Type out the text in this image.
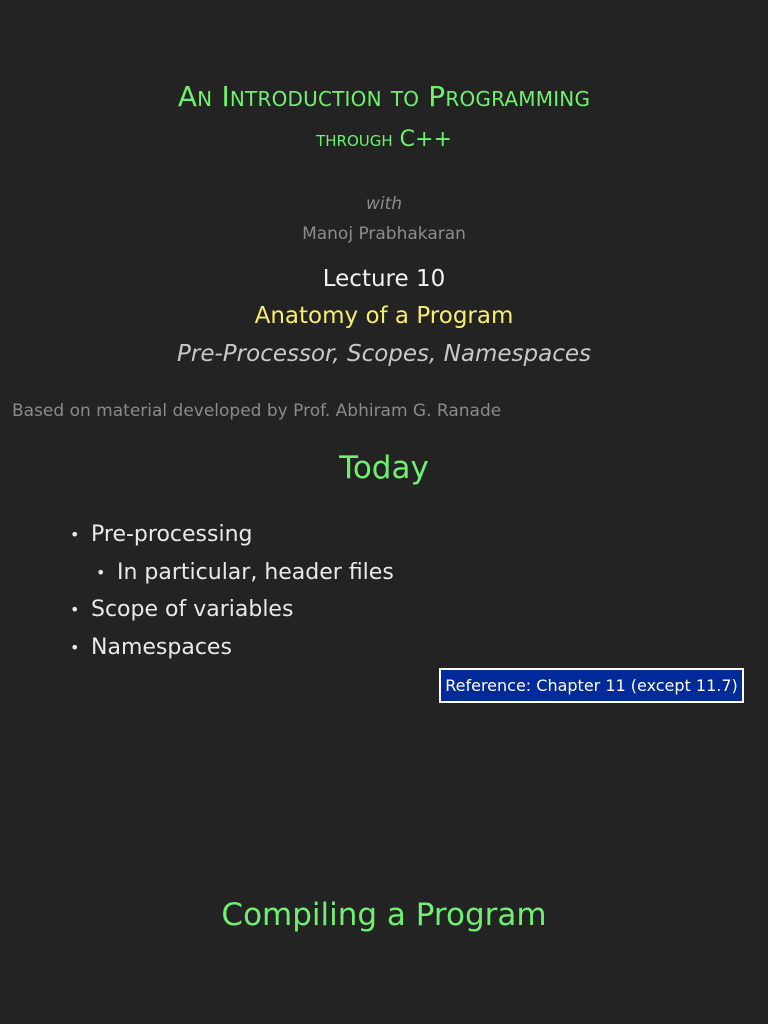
An Introduction to Programming
through C++
with
Manoj Prabhakaran
Lecture 10
Anatomy of a Program
Pre-Processor, Scopes, Namespaces
Based on material developed by Prof. Abhiram G. Ranade
Today
• Pre-processing
• In particular, header files
• Scope of variables
• Namespaces
Reference: Chapter 11 (except 11.7)
Compiling a Program
